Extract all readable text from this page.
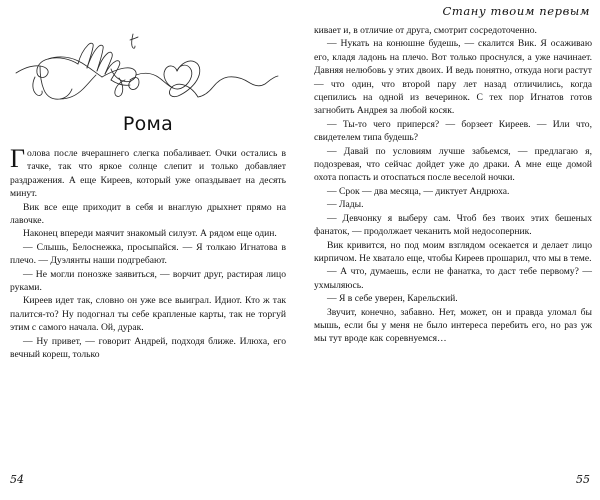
Рома

Голова после вчерашнего слегка побаливает. Очки остались в тачке, так что яркое солнце слепит и только добавляет раздражения. А еще Киреев, который уже опаздывает на десять минут.

Вик все еще приходит в себя и внаглую дрыхнет прямо на лавочке.

Наконец впереди маячит знакомый силуэт. А рядом еще один.

— Слышь, Белоснежка, просыпайся. — Я толкаю Игнатова в плечо. — Дуэлянты наши подгребают.

— Не могли понозже заявиться, — ворчит друг, растирая лицо руками.

Киреев идет так, словно он уже все выиграл. Идиот. Кто ж так палится-то? Ну подогнал ты себе крапленые карты, так не торгуй этим с самого начала. Ой, дурак.

— Ну привет, — говорит Андрей, подходя ближе. Илюха, его вечный кореш, только

54
Стану твоим первым

кивает и, в отличие от друга, смотрит сосредоточенно.

— Нукать на конюшне будешь, — скалится Вик. Я осаживаю его, кладя ладонь на плечо. Вот только проснулся, а уже начинает. Давняя нелюбовь у этих двоих. И ведь понятно, откуда ноги растут — что один, что второй пару лет назад отличились, когда сцепились на одной из вечеринок. С тех пор Игнатов готов загнобить Андрея за любой косяк.

— Ты-то чего приперся? — борзеет Киреев. — Или что, свидетелем типа будешь?

— Давай по условиям лучше забьемся, — предлагаю я, подозревая, что сейчас дойдет уже до драки. А мне еще домой охота попасть и отоспаться после веселой ночки.

— Срок — два месяца, — диктует Андрюха.

— Лады.

— Девчонку я выберу сам. Чтоб без твоих этих бешеных фанаток, — продолжает чеканить мой недосоперник.

Вик кривится, но под моим взглядом осекается и делает лицо кирпичом. Не хватало еще, чтобы Киреев прошарил, что мы в теме.

— А что, думаешь, если не фанатка, то даст тебе первому? — ухмыляюсь.

— Я в себе уверен, Карельский.

Звучит, конечно, забавно. Нет, может, он и правда уломал бы мышь, если бы у меня не было интереса перебить его, но раз уж мы тут вроде как соревнуемся…

55
